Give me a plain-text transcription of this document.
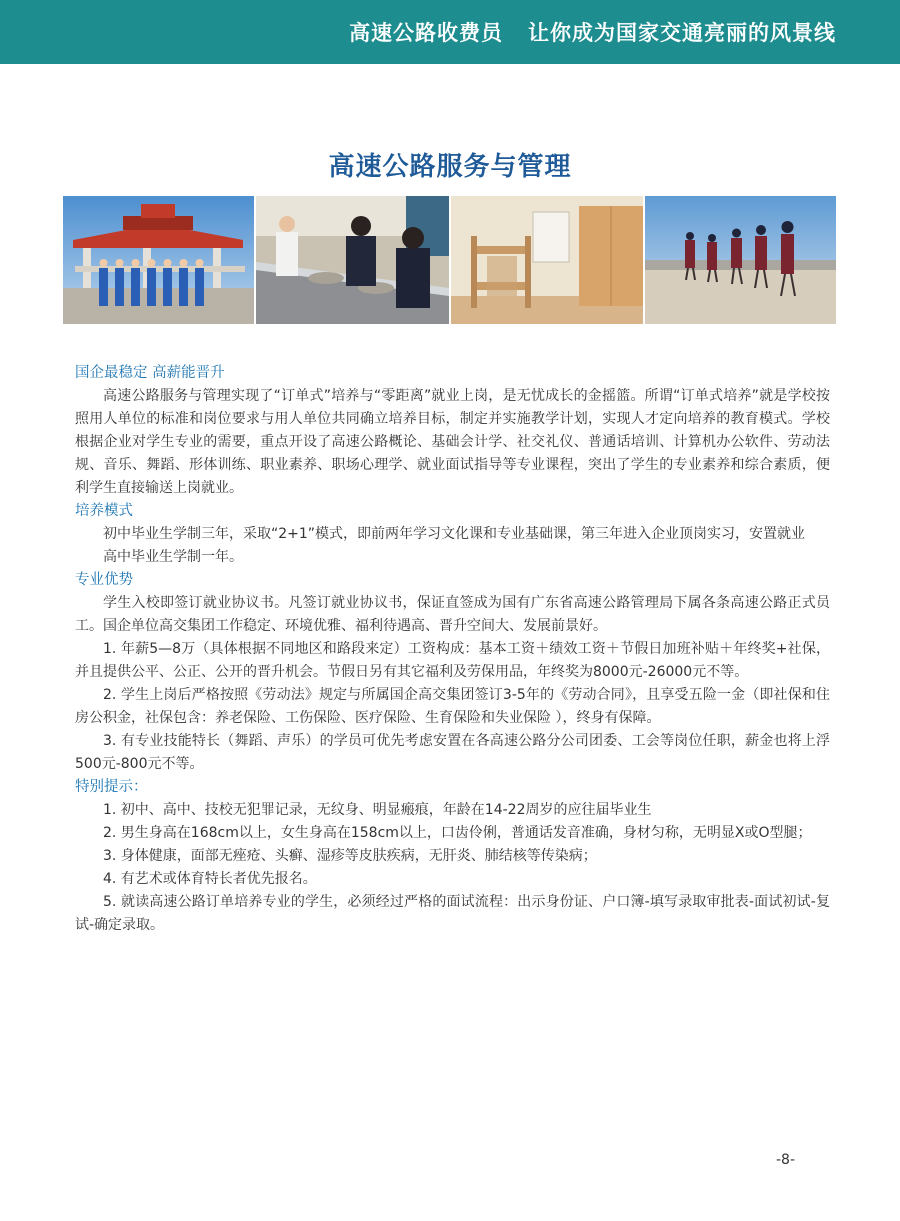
高速公路收费员   让你成为国家交通亮丽的风景线
高速公路服务与管理
国企最稳定 高薪能晋升

高速公路服务与管理实现了“订单式”培养与“零距离”就业上岗，是无忧成长的金摇篮。所谓“订单式培养”就是学校按照用人单位的标准和岗位要求与用人单位共同确立培养目标，制定并实施教学计划，实现人才定向培养的教育模式。学校根据企业对学生专业的需要，重点开设了高速公路概论、基础会计学、社交礼仪、普通话培训、计算机办公软件、劳动法规、音乐、舞蹈、形体训练、职业素养、职场心理学、就业面试指导等专业课程，突出了学生的专业素养和综合素质，便利学生直接输送上岗就业。

培养模式

初中毕业生学制三年，采取“2+1”模式，即前两年学习文化课和专业基础课，第三年进入企业顶岗实习，安置就业

高中毕业生学制一年。

专业优势

学生入校即签订就业协议书。凡签订就业协议书，保证直签成为国有广东省高速公路管理局下属各条高速公路正式员工。国企单位高交集团工作稳定、环境优雅、福利待遇高、晋升空间大、发展前景好。

1. 年薪5—8万（具体根据不同地区和路段来定）工资构成：基本工资＋绩效工资＋节假日加班补贴＋年终奖+社保，并且提供公平、公正、公开的晋升机会。节假日另有其它福利及劳保用品，年终奖为8000元-26000元不等。

2. 学生上岗后严格按照《劳动法》规定与所属国企高交集团签订3-5年的《劳动合同》，且享受五险一金（即社保和住房公积金，社保包含：养老保险、工伤保险、医疗保险、生育保险和失业保险 ），终身有保障。

3. 有专业技能特长（舞蹈、声乐）的学员可优先考虑安置在各高速公路分公司团委、工会等岗位任职，薪金也将上浮500元-800元不等。

特别提示：

1. 初中、高中、技校无犯罪记录，无纹身、明显瘢痕，年龄在14-22周岁的应往届毕业生

2. 男生身高在168cm以上，女生身高在158cm以上，口齿伶俐，普通话发音准确，身材匀称，无明显X或O型腿；

3. 身体健康，面部无痤疮、头癣、湿疹等皮肤疾病，无肝炎、肺结核等传染病；

4. 有艺术或体育特长者优先报名。

5. 就读高速公路订单培养专业的学生，必须经过严格的面试流程：出示身份证、户口簿-填写录取审批表-面试初试-复试-确定录取。

-8-
